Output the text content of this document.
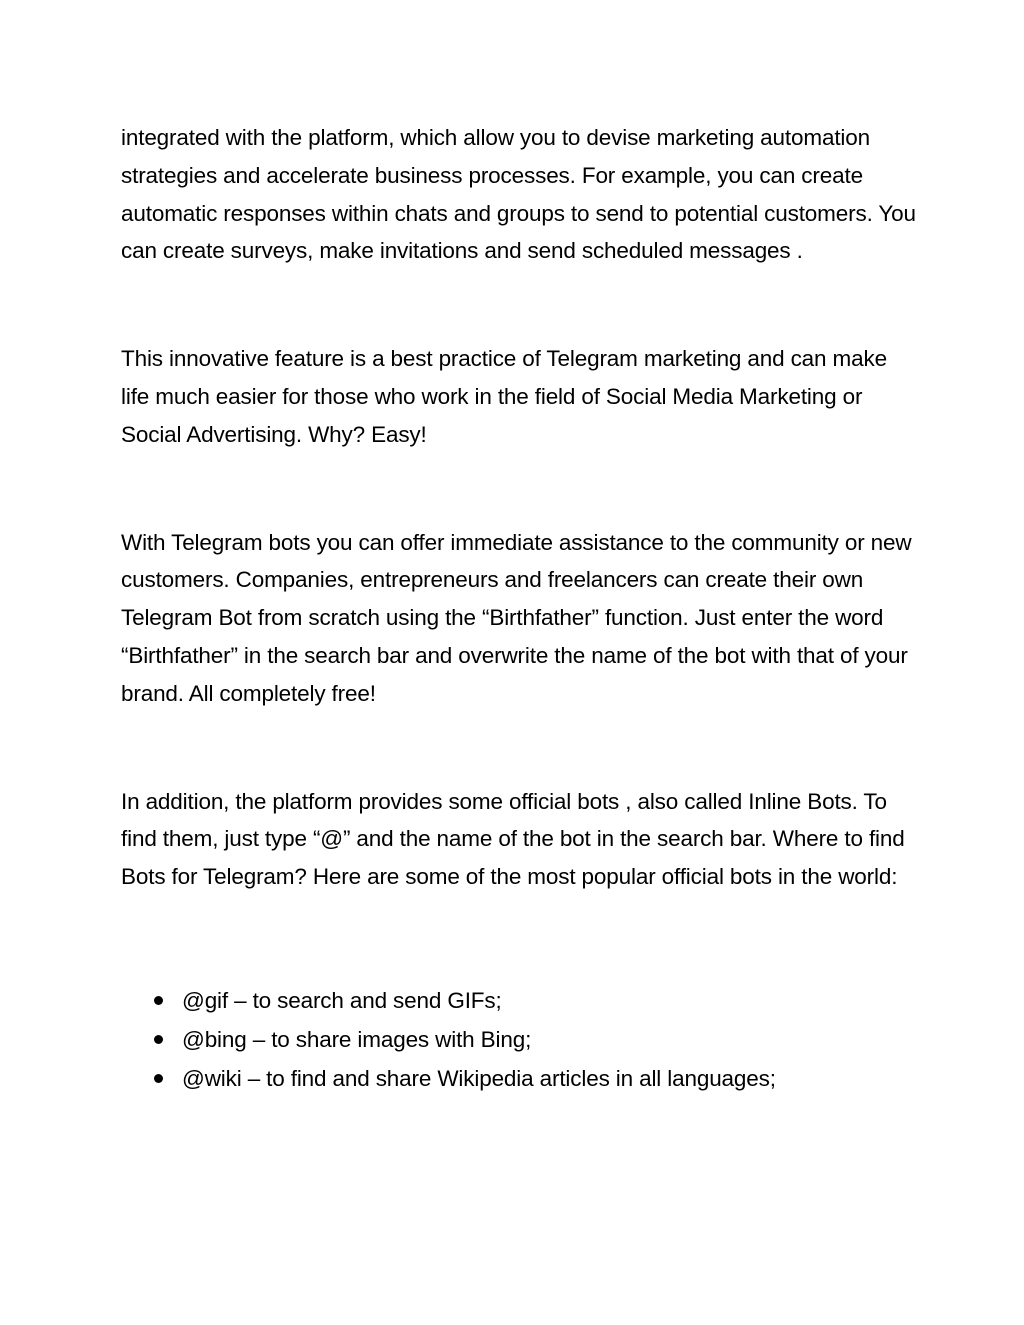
integrated with the platform, which allow you to devise marketing automation strategies and accelerate business processes. For example, you can create automatic responses within chats and groups to send to potential customers. You can create surveys, make invitations and send scheduled messages .

This innovative feature is a best practice of Telegram marketing and can make life much easier for those who work in the field of Social Media Marketing or Social Advertising. Why? Easy!

With Telegram bots you can offer immediate assistance to the community or new customers. Companies, entrepreneurs and freelancers can create their own Telegram Bot from scratch using the “Birthfather” function. Just enter the word “Birthfather” in the search bar and overwrite the name of the bot with that of your brand. All completely free!

In addition, the platform provides some official bots , also called Inline Bots. To find them, just type “@” and the name of the bot in the search bar. Where to find Bots for Telegram? Here are some of the most popular official bots in the world:

@gif – to search and send GIFs;
@bing – to share images with Bing;
@wiki – to find and share Wikipedia articles in all languages;
